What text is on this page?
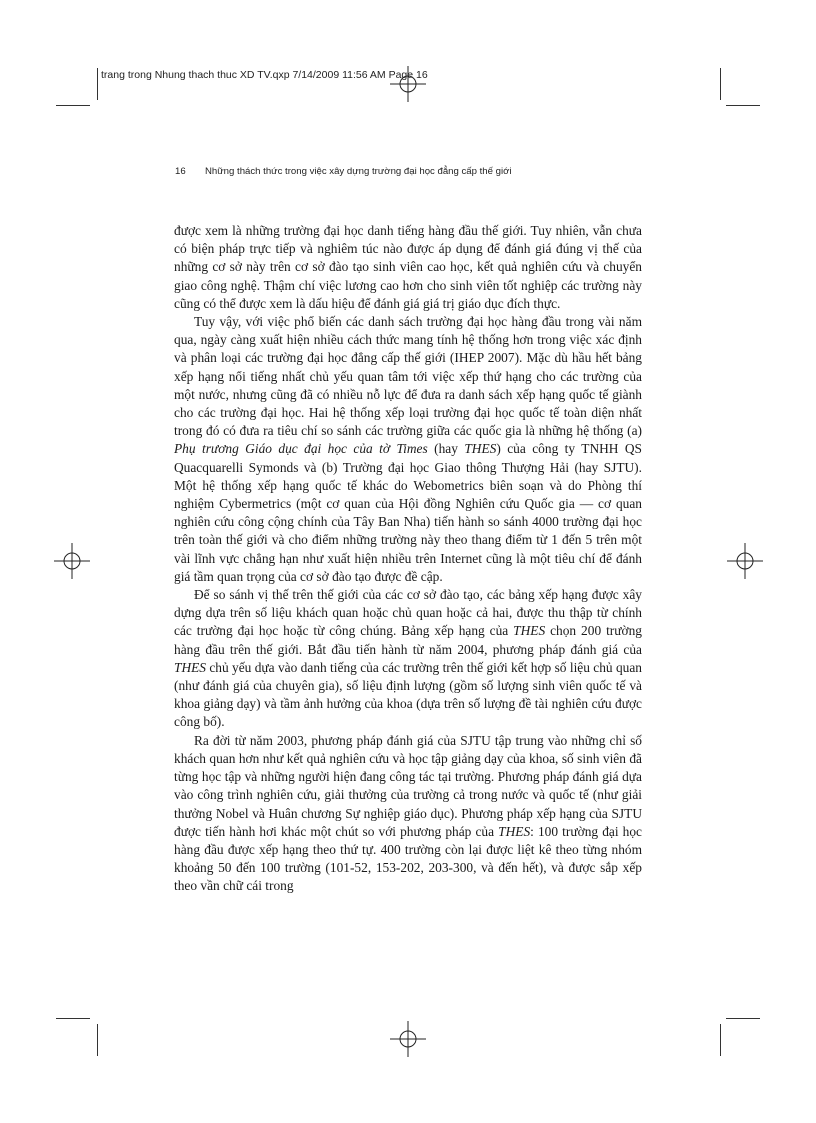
trang trong Nhung thach thuc XD TV.qxp 7/14/2009 11:56 AM Page 16
16 Những thách thức trong việc xây dựng trường đại học đẳng cấp thế giới

được xem là những trường đại học danh tiếng hàng đầu thế giới. Tuy nhiên, vẫn chưa có biện pháp trực tiếp và nghiêm túc nào được áp dụng để đánh giá đúng vị thế của những cơ sở này trên cơ sở đào tạo sinh viên cao học, kết quả nghiên cứu và chuyển giao công nghệ. Thậm chí việc lương cao hơn cho sinh viên tốt nghiệp các trường này cũng có thể được xem là dấu hiệu để đánh giá giá trị giáo dục đích thực.

Tuy vậy, với việc phổ biến các danh sách trường đại học hàng đầu trong vài năm qua, ngày càng xuất hiện nhiều cách thức mang tính hệ thống hơn trong việc xác định và phân loại các trường đại học đẳng cấp thế giới (IHEP 2007). Mặc dù hầu hết bảng xếp hạng nổi tiếng nhất chủ yếu quan tâm tới việc xếp thứ hạng cho các trường của một nước, nhưng cũng đã có nhiều nỗ lực để đưa ra danh sách xếp hạng quốc tế giành cho các trường đại học. Hai hệ thống xếp loại trường đại học quốc tế toàn diện nhất trong đó có đưa ra tiêu chí so sánh các trường giữa các quốc gia là những hệ thống (a) Phụ trương Giáo dục đại học của tờ Times (hay THES) của công ty TNHH QS Quacquarelli Symonds và (b) Trường đại học Giao thông Thượng Hải (hay SJTU). Một hệ thống xếp hạng quốc tế khác do Webometrics biên soạn và do Phòng thí nghiệm Cybermetrics (một cơ quan của Hội đồng Nghiên cứu Quốc gia — cơ quan nghiên cứu công cộng chính của Tây Ban Nha) tiến hành so sánh 4000 trường đại học trên toàn thế giới và cho điểm những trường này theo thang điểm từ 1 đến 5 trên một vài lĩnh vực chẳng hạn như xuất hiện nhiều trên Internet cũng là một tiêu chí để đánh giá tầm quan trọng của cơ sở đào tạo được đề cập.

Để so sánh vị thế trên thế giới của các cơ sở đào tạo, các bảng xếp hạng được xây dựng dựa trên số liệu khách quan hoặc chủ quan hoặc cả hai, được thu thập từ chính các trường đại học hoặc từ công chúng. Bảng xếp hạng của THES chọn 200 trường hàng đầu trên thế giới. Bắt đầu tiến hành từ năm 2004, phương pháp đánh giá của THES chủ yếu dựa vào danh tiếng của các trường trên thế giới kết hợp số liệu chủ quan (như đánh giá của chuyên gia), số liệu định lượng (gồm số lượng sinh viên quốc tế và khoa giảng dạy) và tầm ảnh hưởng của khoa (dựa trên số lượng đề tài nghiên cứu được công bố).

Ra đời từ năm 2003, phương pháp đánh giá của SJTU tập trung vào những chỉ số khách quan hơn như kết quả nghiên cứu và học tập giảng dạy của khoa, số sinh viên đã từng học tập và những người hiện đang công tác tại trường. Phương pháp đánh giá dựa vào công trình nghiên cứu, giải thưởng của trường cả trong nước và quốc tế (như giải thưởng Nobel và Huân chương Sự nghiệp giáo dục). Phương pháp xếp hạng của SJTU được tiến hành hơi khác một chút so với phương pháp của THES: 100 trường đại học hàng đầu được xếp hạng theo thứ tự. 400 trường còn lại được liệt kê theo từng nhóm khoảng 50 đến 100 trường (101-52, 153-202, 203-300, và đến hết), và được sắp xếp theo vần chữ cái trong
